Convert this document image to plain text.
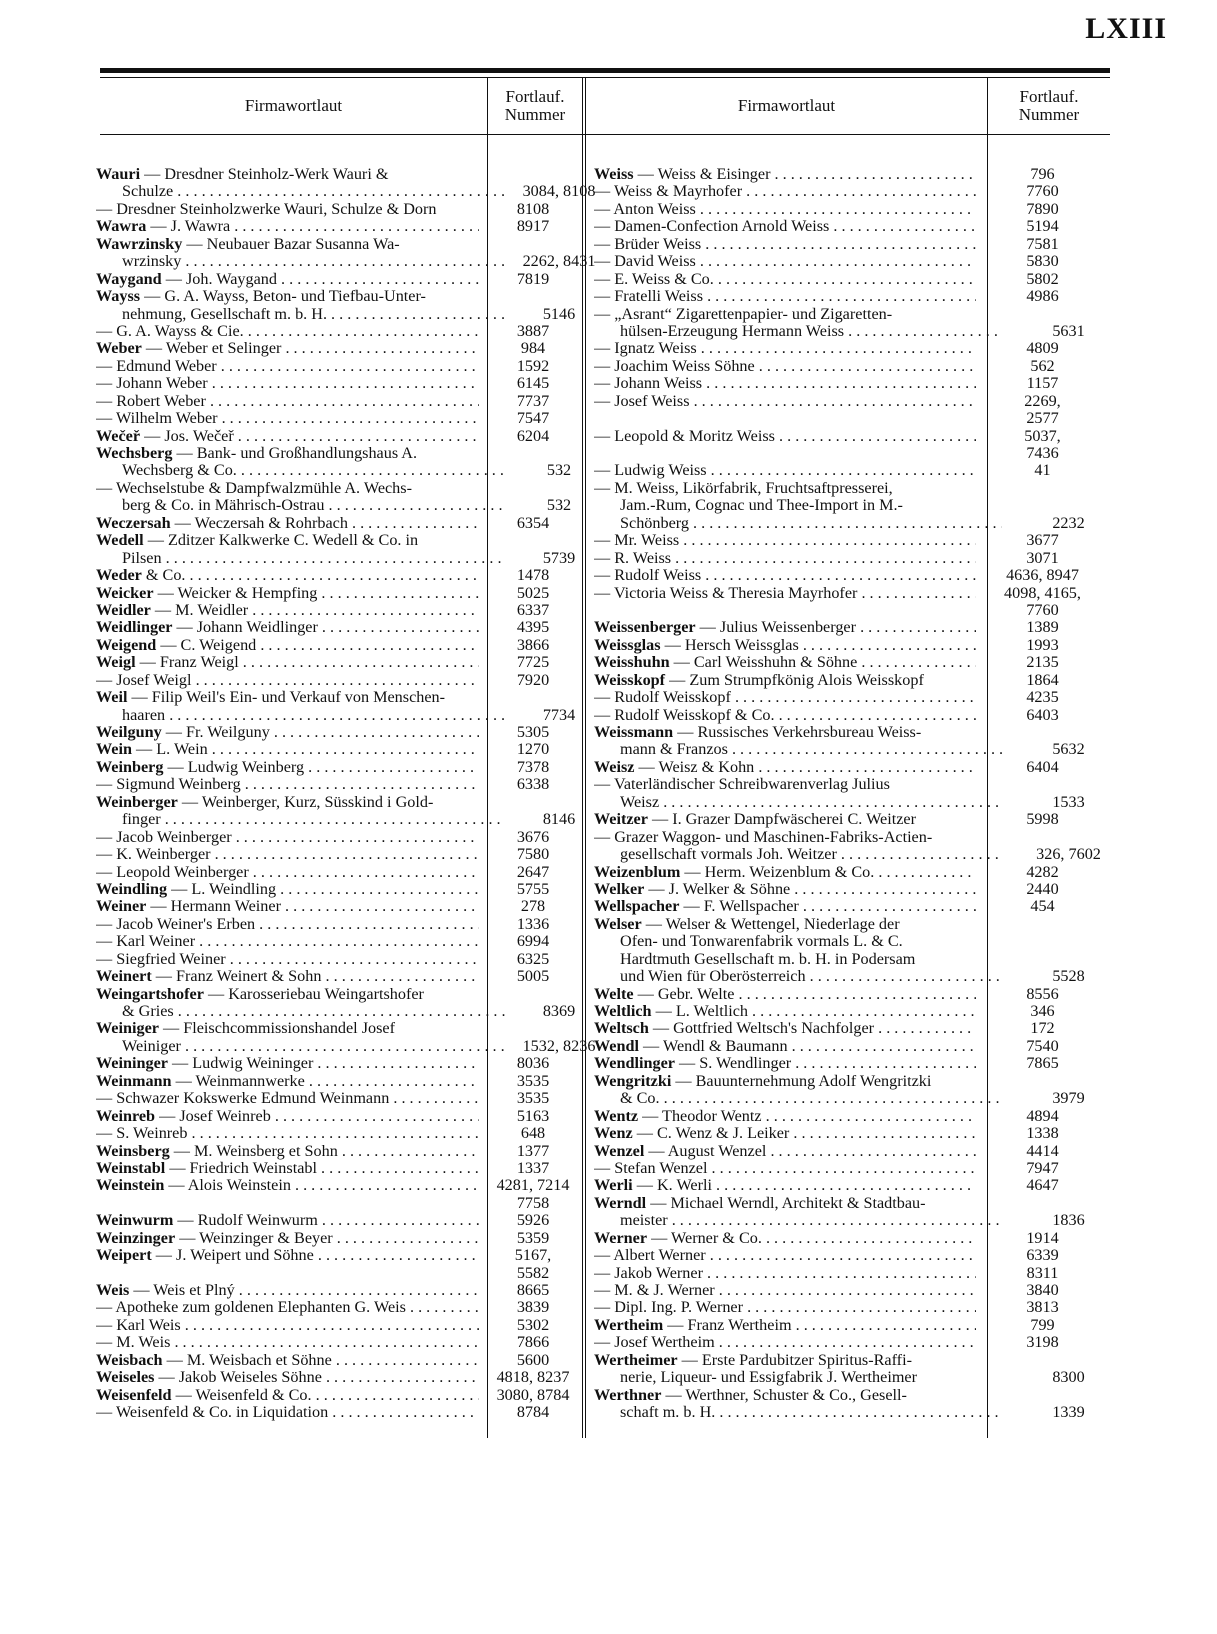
LXIII
Firmawortlaut	Fortlauf.
Nummer	Firmawortlaut	Fortlauf.
Nummer
Wauri — Dresdner Steinholz-Werk Wauri &
Schulze . . .	3084, 8108
— Dresdner Steinholzwerke Wauri, Schulze & Dorn	8108
Wawra — J. Wawra . . .	8917
Wawrzinsky — Neubauer Bazar Susanna Wa-
wrzinsky . . .	2262, 8431
Waygand — Joh. Waygand . . .	7819
Wayss — G. A. Wayss, Beton- und Tiefbau-Unter-
nehmung, Gesellschaft m. b. H. . . .	5146
— G. A. Wayss & Cie. . . .	3887
Weber — Weber et Selinger . . .	984
— Edmund Weber . . .	1592
— Johann Weber . . .	6145
— Robert Weber . . .	7737
— Wilhelm Weber . . .	7547
Wečeř — Jos. Wečeř . . .	6204
Wechsberg — Bank- und Großhandlungshaus A.
Wechsberg & Co. . . .	532
— Wechselstube & Dampfwalzmühle A. Wechs-
berg & Co. in Mährisch-Ostrau . . .	532
Weczersah — Weczersah & Rohrbach . . .	6354
Wedell — Zditzer Kalkwerke C. Wedell & Co. in
Pilsen . . .	5739
Weder & Co. . . .	1478
Weicker — Weicker & Hempfing . . .	5025
Weidler — M. Weidler . . .	6337
Weidlinger — Johann Weidlinger . . .	4395
Weigend — C. Weigend . . .	3866
Weigl — Franz Weigl . . .	7725
— Josef Weigl . . .	7920
Weil — Filip Weil's Ein- und Verkauf von Menschen-
haaren . . .	7734
Weilguny — Fr. Weilguny . . .	5305
Wein — L. Wein . . .	1270
Weinberg — Ludwig Weinberg . . .	7378
— Sigmund Weinberg . . .	6338
Weinberger — Weinberger, Kurz, Süsskind i Gold-
finger . . .	8146
— Jacob Weinberger . . .	3676
— K. Weinberger . . .	7580
— Leopold Weinberger . . .	2647
Weindling — L. Weindling . . .	5755
Weiner — Hermann Weiner . . .	278
— Jacob Weiner's Erben . . .	1336
— Karl Weiner . . .	6994
— Siegfried Weiner . . .	6325
Weinert — Franz Weinert & Sohn . . .	5005
Weingartshofer — Karosseriebau Weingartshofer
& Gries . . .	8369
Weiniger — Fleischcommissionshandel Josef
Weiniger . . .	1532, 8236
Weininger — Ludwig Weininger . . .	8036
Weinmann — Weinmannwerke . . .	3535
— Schwazer Kokswerke Edmund Weinmann . . .	3535
Weinreb — Josef Weinreb . . .	5163
— S. Weinreb . . .	648
Weinsberg — M. Weinsberg et Sohn . . .	1377
Weinstabl — Friedrich Weinstabl . . .	1337
Weinstein — Alois Weinstein . . .	4281, 7214
7758
Weinwurm — Rudolf Weinwurm . . .	5926
Weinzinger — Weinzinger & Beyer . . .	5359
Weipert — J. Weipert und Söhne . . .	5167,
5582
Weis — Weis et Plný . . .	8665
— Apotheke zum goldenen Elephanten G. Weis . . .	3839
— Karl Weis . . .	5302
— M. Weis . . .	7866
Weisbach — M. Weisbach et Söhne . . .	5600
Weiseles — Jakob Weiseles Söhne . . .	4818, 8237
Weisenfeld — Weisenfeld & Co. . . .	3080, 8784
— Weisenfeld & Co. in Liquidation . . .	8784
Weiss — Weiss & Eisinger . . .	796
— Weiss & Mayrhofer . . .	7760
— Anton Weiss . . .	7890
— Damen-Confection Arnold Weiss . . .	5194
— Brüder Weiss . . .	7581
— David Weiss . . .	5830
— E. Weiss & Co. . . .	5802
— Fratelli Weiss . . .	4986
— „Asrant“ Zigarettenpapier- und Zigaretten-
hülsen-Erzeugung Hermann Weiss . . .	5631
— Ignatz Weiss . . .	4809
— Joachim Weiss Söhne . . .	562
— Johann Weiss . . .	1157
— Josef Weiss . . .	2269,
2577
— Leopold & Moritz Weiss . . .	5037,
7436
— Ludwig Weiss . . .	41
— M. Weiss, Likörfabrik, Fruchtsaftpresserei,
Jam.-Rum, Cognac und Thee-Import in M.-
Schönberg . . .	2232
— Mr. Weiss . . .	3677
— R. Weiss . . .	3071
— Rudolf Weiss . . .	4636, 8947
— Victoria Weiss & Theresia Mayrhofer . . .	4098, 4165,
7760
Weissenberger — Julius Weissenberger . . .	1389
Weissglas — Hersch Weissglas . . .	1993
Weisshuhn — Carl Weisshuhn & Söhne . . .	2135
Weisskopf — Zum Strumpfkönig Alois Weisskopf	1864
— Rudolf Weisskopf . . .	4235
— Rudolf Weisskopf & Co. . . .	6403
Weissmann — Russisches Verkehrsbureau Weiss-
mann & Franzos . . .	5632
Weisz — Weisz & Kohn . . .	6404
— Vaterländischer Schreibwarenverlag Julius
Weisz . . .	1533
Weitzer — I. Grazer Dampfwäscherei C. Weitzer	5998
— Grazer Waggon- und Maschinen-Fabriks-Actien-
gesellschaft vormals Joh. Weitzer . . .	326, 7602
Weizenblum — Herm. Weizenblum & Co. . . .	4282
Welker — J. Welker & Söhne . . .	2440
Wellspacher — F. Wellspacher . . .	454
Welser — Welser & Wettengel, Niederlage der
Ofen- und Tonwarenfabrik vormals L. & C.
Hardtmuth Gesellschaft m. b. H. in Podersam
und Wien für Oberösterreich . . .	5528
Welte — Gebr. Welte . . .	8556
Weltlich — L. Weltlich . . .	346
Weltsch — Gottfried Weltsch's Nachfolger . . .	172
Wendl — Wendl & Baumann . . .	7540
Wendlinger — S. Wendlinger . . .	7865
Wengritzki — Bauunternehmung Adolf Wengritzki
& Co. . . .	3979
Wentz — Theodor Wentz . . .	4894
Wenz — C. Wenz & J. Leiker . . .	1338
Wenzel — August Wenzel . . .	4414
— Stefan Wenzel . . .	7947
Werli — K. Werli . . .	4647
Werndl — Michael Werndl, Architekt & Stadtbau-
meister . . .	1836
Werner — Werner & Co. . . .	1914
— Albert Werner . . .	6339
— Jakob Werner . . .	8311
— M. & J. Werner . . .	3840
— Dipl. Ing. P. Werner . . .	3813
Wertheim — Franz Wertheim . . .	799
— Josef Wertheim . . .	3198
Wertheimer — Erste Pardubitzer Spiritus-Raffi-
nerie, Liqueur- und Essigfabrik J. Wertheimer	8300
Werthner — Werthner, Schuster & Co., Gesell-
schaft m. b. H. . . .	1339
